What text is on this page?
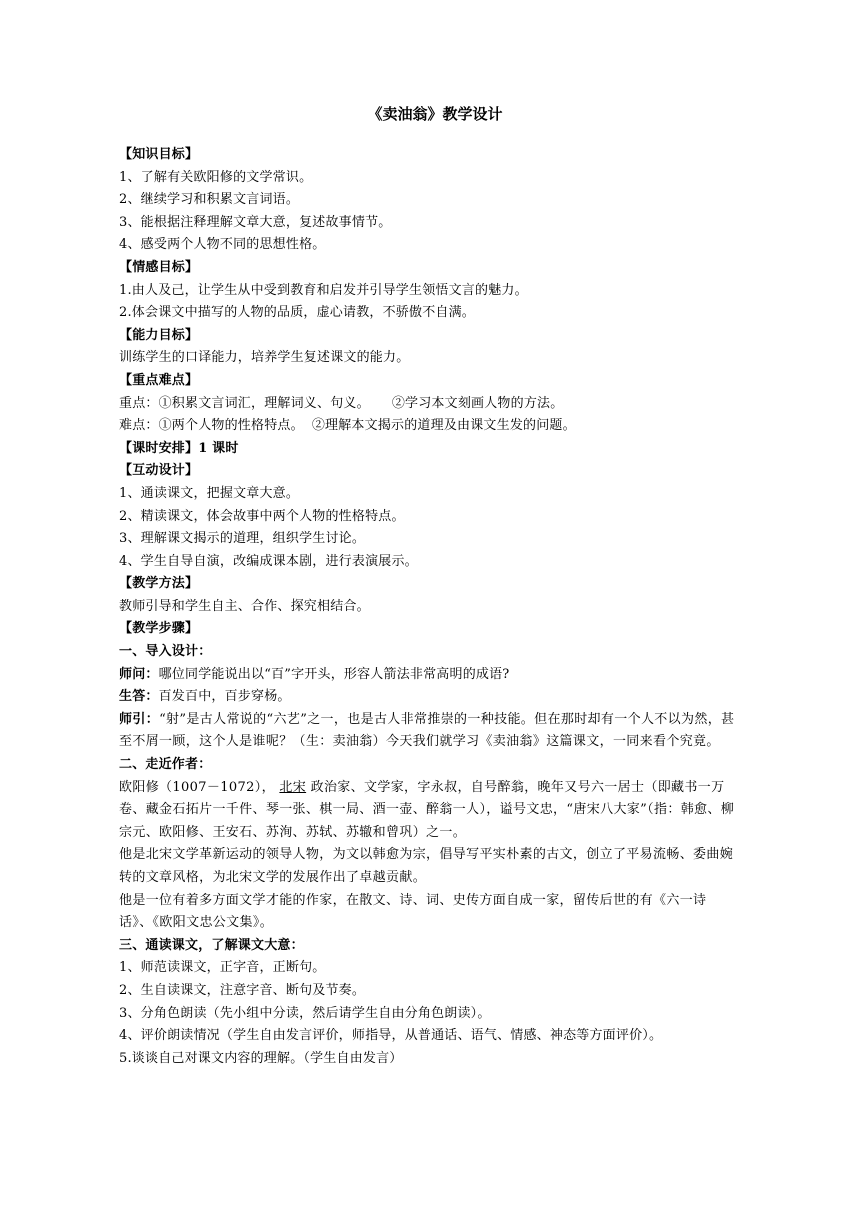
《卖油翁》教学设计
【知识目标】
1、了解有关欧阳修的文学常识。
2、继续学习和积累文言词语。
3、能根据注释理解文章大意，复述故事情节。
4、感受两个人物不同的思想性格。
【情感目标】
1.由人及己，让学生从中受到教育和启发并引导学生领悟文言的魅力。
2.体会课文中描写的人物的品质，虚心请教，不骄傲不自满。
【能力目标】
训练学生的口译能力，培养学生复述课文的能力。
【重点难点】
重点：①积累文言词汇，理解词义、句义。 ②学习本文刻画人物的方法。
难点：①两个人物的性格特点。 ②理解本文揭示的道理及由课文生发的问题。
【课时安排】1 课时
【互动设计】
1、通读课文，把握文章大意。
2、精读课文，体会故事中两个人物的性格特点。
3、理解课文揭示的道理，组织学生讨论。
4、学生自导自演，改编成课本剧，进行表演展示。
【教学方法】
教师引导和学生自主、合作、探究相结合。
【教学步骤】
一、导入设计：
师问：哪位同学能说出以“百”字开头，形容人箭法非常高明的成语?
生答：百发百中，百步穿杨。
师引：“射”是古人常说的“六艺”之一，也是古人非常推崇的一种技能。但在那时却有一个人不以为然，甚至不屑一顾，这个人是谁呢？（生：卖油翁）今天我们就学习《卖油翁》这篇课文，一同来看个究竟。
二、走近作者：
欧阳修（1007－1072）， 北宋 政治家、文学家，字永叔，自号醉翁，晚年又号六一居士（即藏书一万卷、藏金石拓片一千件、琴一张、棋一局、酒一壶、醉翁一人），谥号文忠，“唐宋八大家”（指：韩愈、柳宗元、欧阳修、王安石、苏洵、苏轼、苏辙和曾巩）之一。
他是北宋文学革新运动的领导人物，为文以韩愈为宗，倡导写平实朴素的古文，创立了平易流畅、委曲婉转的文章风格，为北宋文学的发展作出了卓越贡献。
他是一位有着多方面文学才能的作家，在散文、诗、词、史传方面自成一家，留传后世的有《六一诗话》、《欧阳文忠公文集》。
三、通读课文，了解课文大意：
1、师范读课文，正字音，正断句。
2、生自读课文，注意字音、断句及节奏。
3、分角色朗读（先小组中分读，然后请学生自由分角色朗读）。
4、评价朗读情况（学生自由发言评价，师指导，从普通话、语气、情感、神态等方面评价）。
5.谈谈自己对课文内容的理解。（学生自由发言）
